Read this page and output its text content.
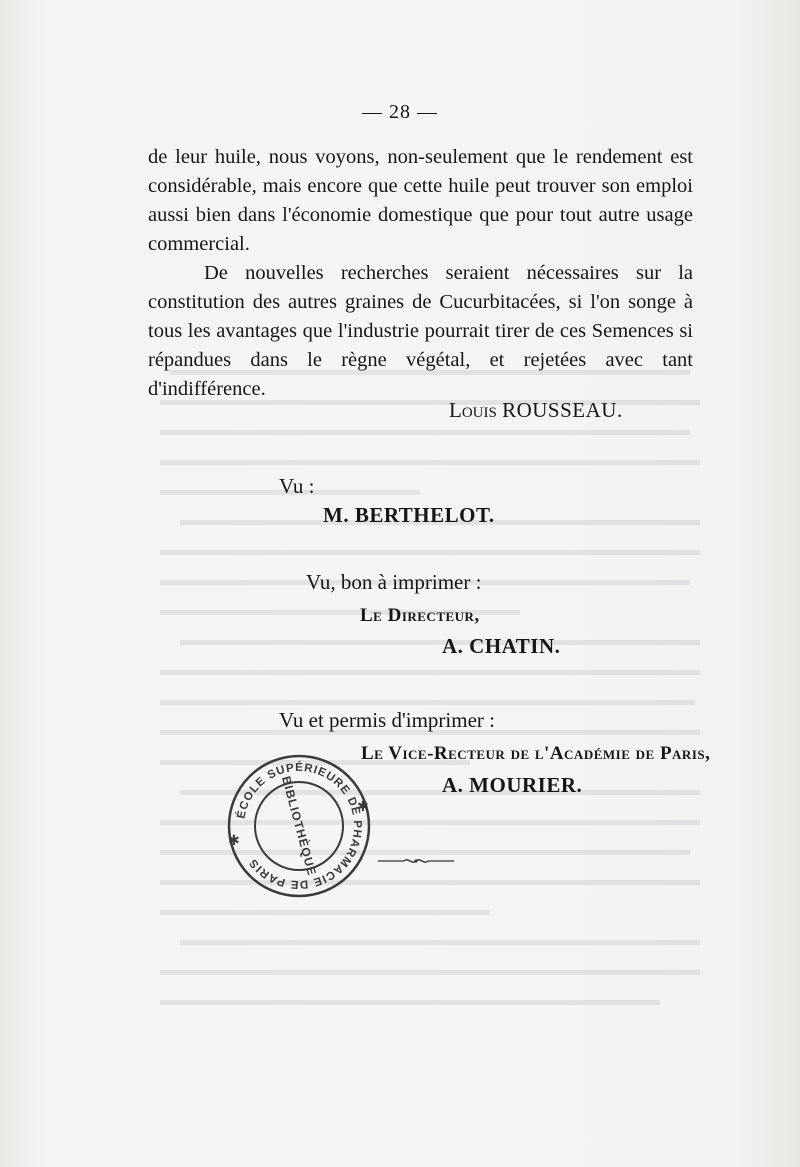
— 28 —

de leur huile, nous voyons, non-seulement que le rendement est considérable, mais encore que cette huile peut trouver son emploi aussi bien dans l'économie domestique que pour tout autre usage commercial.

De nouvelles recherches seraient nécessaires sur la constitution des autres graines de Cucurbitacées, si l'on songe à tous les avantages que l'industrie pourrait tirer de ces Semences si répandues dans le règne végétal, et rejetées avec tant d'indifférence.

Louis ROUSSEAU.
Vu :
M. BERTHELOT.
Vu, bon à imprimer :
Le Directeur,
A. CHATIN.
Vu et permis d'imprimer :
Le Vice-Recteur de l'Académie de Paris,
A. MOURIER.
ÉCOLE SUPÉRIEURE DE PHARMACIE DE PARIS	BIBLIOTHÈQUE	✱
✱
